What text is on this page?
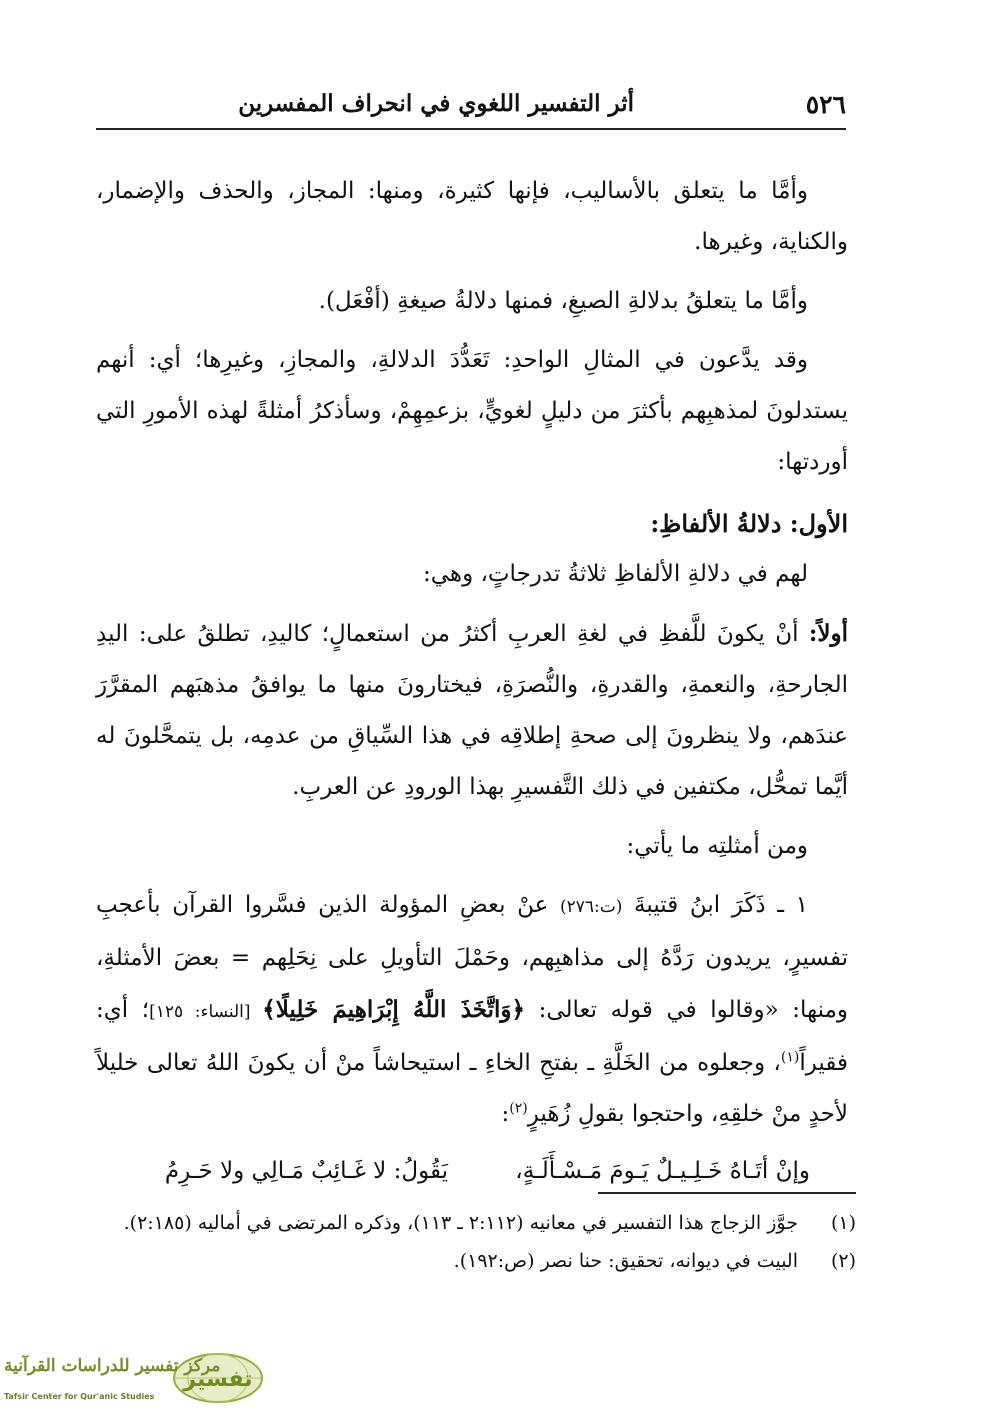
٥٢٦
أثر التفسير اللغوي في انحراف المفسرين

وأمَّا ما يتعلق بالأساليب، فإنها كثيرة، ومنها: المجاز، والحذف والإضمار، والكناية، وغيرها.

وأمَّا ما يتعلقُ بدلالةِ الصيغِ، فمنها دلالةُ صيغةِ (أفْعَل).

وقد يدَّعون في المثالِ الواحدِ: تَعَدُّدَ الدلالةِ، والمجازِ، وغيرِها؛ أي: أنهم يستدلونَ لمذهبِهم بأكثرَ من دليلٍ لغويٍّ، بزعمِهِمْ، وسأذكرُ أمثلةً لهذه الأمورِ التي أوردتها:

الأول: دلالةُ الألفاظِ:

لهم في دلالةِ الألفاظِ ثلاثةُ تدرجاتٍ، وهي:

أولاً: أنْ يكونَ للَّفظِ في لغةِ العربِ أكثرُ من استعمالٍ؛ كاليدِ، تطلقُ على: اليدِ الجارحةِ، والنعمةِ، والقدرةِ، والنُّصرَةِ، فيختارونَ منها ما يوافقُ مذهبَهم المقرَّرَ عندَهم، ولا ينظرونَ إلى صحةِ إطلاقِه في هذا السِّياقِ من عدمِه، بل يتمحَّلونَ له أيَّما تمحُّل، مكتفين في ذلك التَّفسيرِ بهذا الورودِ عن العربِ.

ومن أمثلتِه ما يأتي:

١ ـ ذَكَرَ ابنُ قتيبةَ (ت:٢٧٦) عنْ بعضِ المؤولة الذين فسَّروا القرآن بأعجبِ تفسيرٍ، يريدون رَدَّهُ إلى مذاهبِهم، وحَمْلَ التأويلِ على نِحَلِهم = بعضَ الأمثلةِ، ومنها: «وقالوا في قوله تعالى: ﴿وَاتَّخَذَ اللَّهُ إِبْرَاهِيمَ خَلِيلًا﴾ [النساء: ١٢٥]؛ أي: فقيراً$^{(١)}$، وجعلوه من الخَلَّةِ ـ بفتحِ الخاءِ ـ استيحاشاً منْ أن يكونَ اللهُ تعالى خليلاً لأحدٍ منْ خلقِهِ، واحتجوا بقولِ زُهَيرٍ$^{(٢)}$:

وإنْ أتَـاهُ خَـلِـيـلٌ يَـومَ مَـسْـأَلَـةٍ،
يَقُولُ: لا غَـائِبٌ مَـالِي ولا حَـرِمُ
(١)
جوَّز الزجاج هذا التفسير في معانيه (٢:١١٢ ـ ١١٣)، وذكره المرتضى في أماليه (٢:١٨٥).
(٢)
البيت في ديوانه، تحقيق: حنا نصر (ص:١٩٢).
تفسير
مركز تفسير للدراسات القرآنية
Tafsir Center for Qur'anic Studies
